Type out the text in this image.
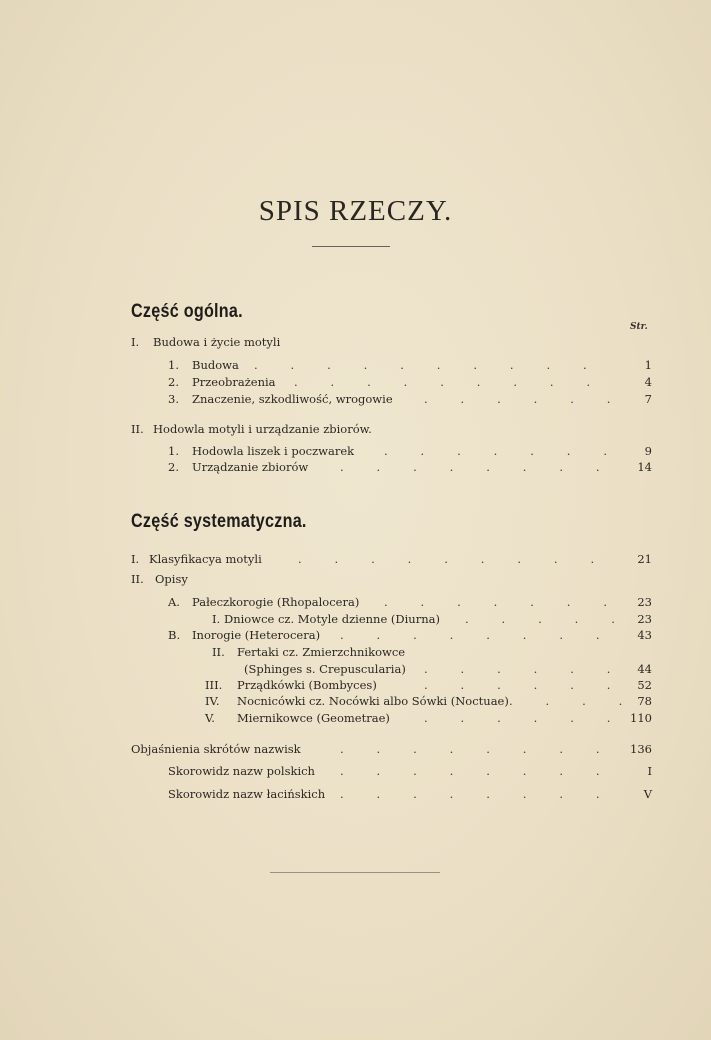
SPIS RZECZY.
Część ogólna.
Str.
I. Budowa i życie motyli
1. Budowa .         .         .         .         .         .         .         .         .         .	1
2. Przeobrażenia .         .         .         .         .         .         .         .         .	4
3. Znaczenie, szkodliwość, wrogowie	.         .         .         .         .         .	7
II. Hodowla motyli i urządzanie zbiorów.
1. Hodowla liszek i poczwarek	.         .         .         .         .         .         .	9
2. Urządzanie zbiorów	.         .         .         .         .         .         .         .	14
Część systematyczna.
I. Klasyfikacya motyli	.         .         .         .         .         .         .         .         .	21
II. Opisy
A. Pałeczkorogie (Rhopalocera) .         .         .         .         .         .         .	23
I. Dniowce cz. Motyle dzienne (Diurna) .         .         .         .         .	23
B. Inorogie (Heterocera) .         .         .         .         .         .         .         .	43
II. Fertaki cz. Zmierzchnikowce
(Sphinges s. Crepuscularia) .         .         .         .         .         .	44
III. Prządkówki (Bombyces)	.         .         .         .         .         .	52
IV. Nocnicówki cz. Nocówki albo Sówki (Noctuae) .         .         .         .	78
V. Miernikowce (Geometrae)	.         .         .         .         .         .	110
Objaśnienia skrótów nazwisk	.         .         .         .         .         .         .         .	136
Skorowidz nazw polskich .         .         .         .         .         .         .         .	I
Skorowidz nazw łacińskich .         .         .         .         .         .         .         .	V
